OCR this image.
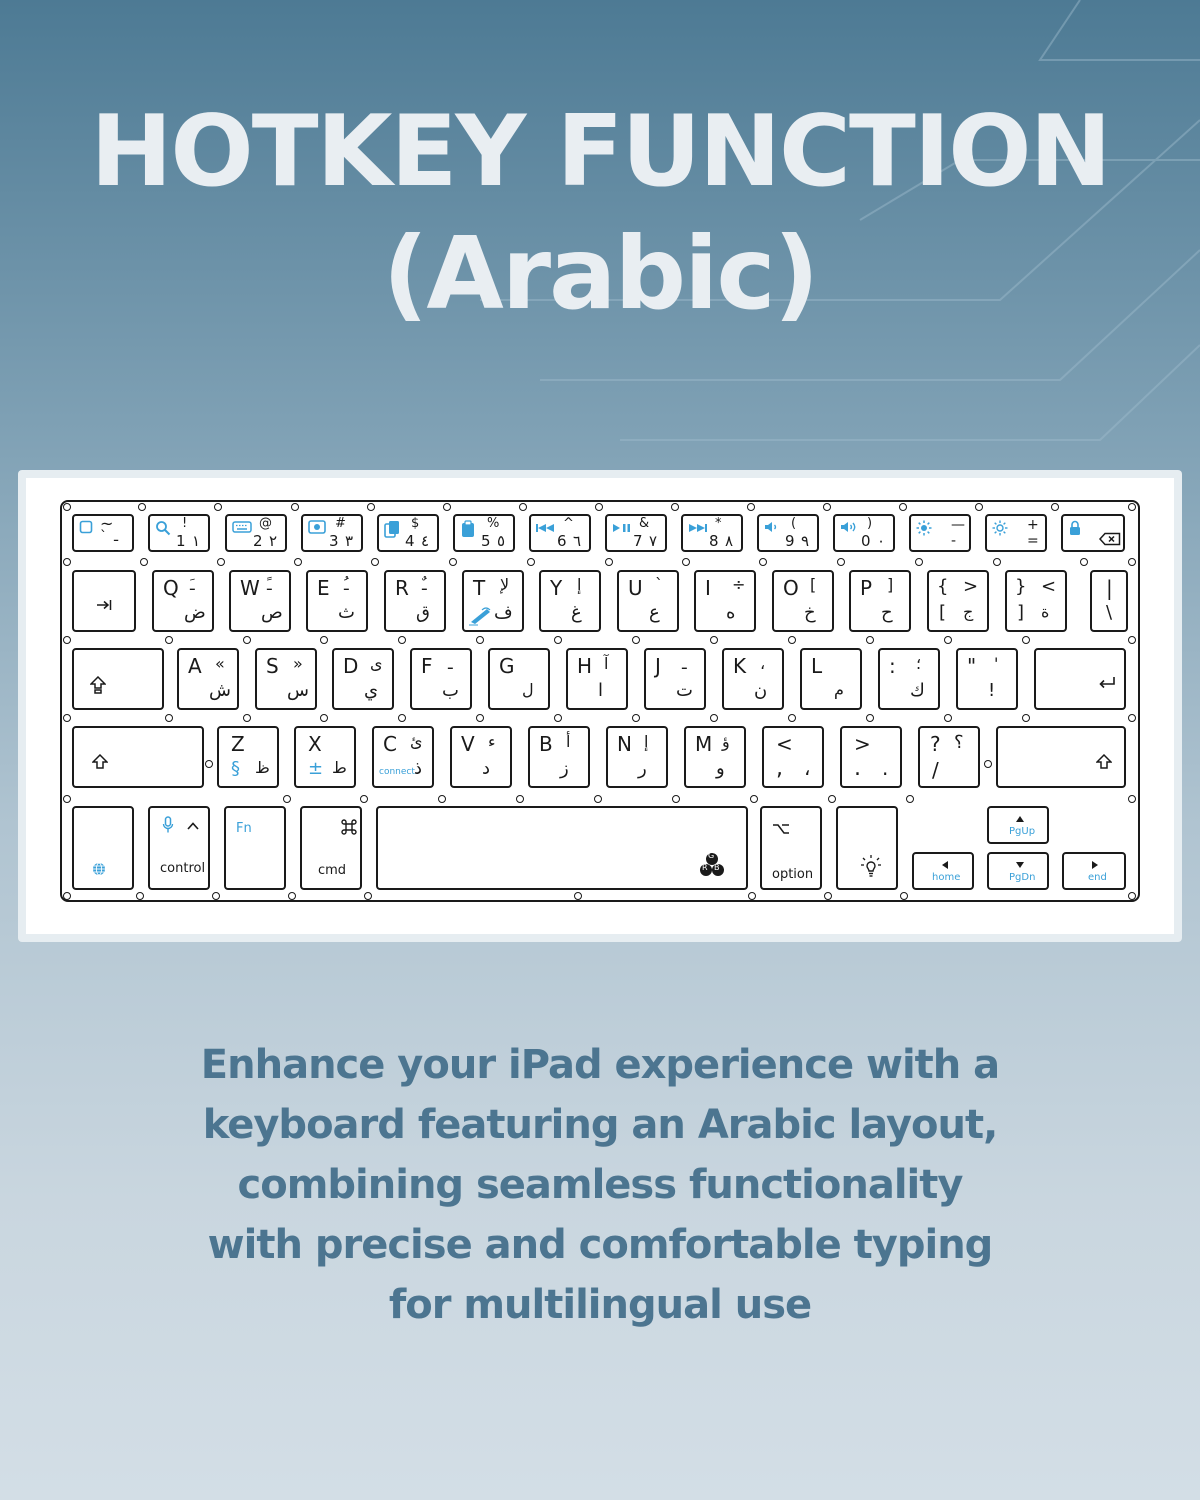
HOTKEY FUNCTION
(Arabic)
~
` ـ
!
1 ١
@
2 ٢
#
3 ٣
$
4 ٤
%
5 ٥
^
6 ٦
&
7 ٧
*
8 ٨
(
9 ٩
)
0 ٠
—
-
+
=
Q ـَ
ض
W ـً
ص
E ـُ
ث
R ـٌ
ق
T لإ
ف
Y إ
غ
U `
ع
I ÷
ه
O [
خ
P ]
ح
{ >
[ ج
} <
] ة
|
\
A «
ش
S »
س
D ى
ي
F ـ
ب
G
ل
H آ
ا
J ـ
ت
K ،
ن
L
م
: ؛
ك
" '
!
Z
§ ظ
X
± ط
C ئ
connect ذ
V ء
د
B أ
ز
N إ
ر
M ؤ
و
<
, ،
>
. .
? ؟
/
control
Fn
cmd
G
R B	option	home
PgUp
PgDn	end

Enhance your iPad experience with a

keyboard featuring an Arabic layout,

combining seamless functionality

with precise and comfortable typing

for multilingual use
